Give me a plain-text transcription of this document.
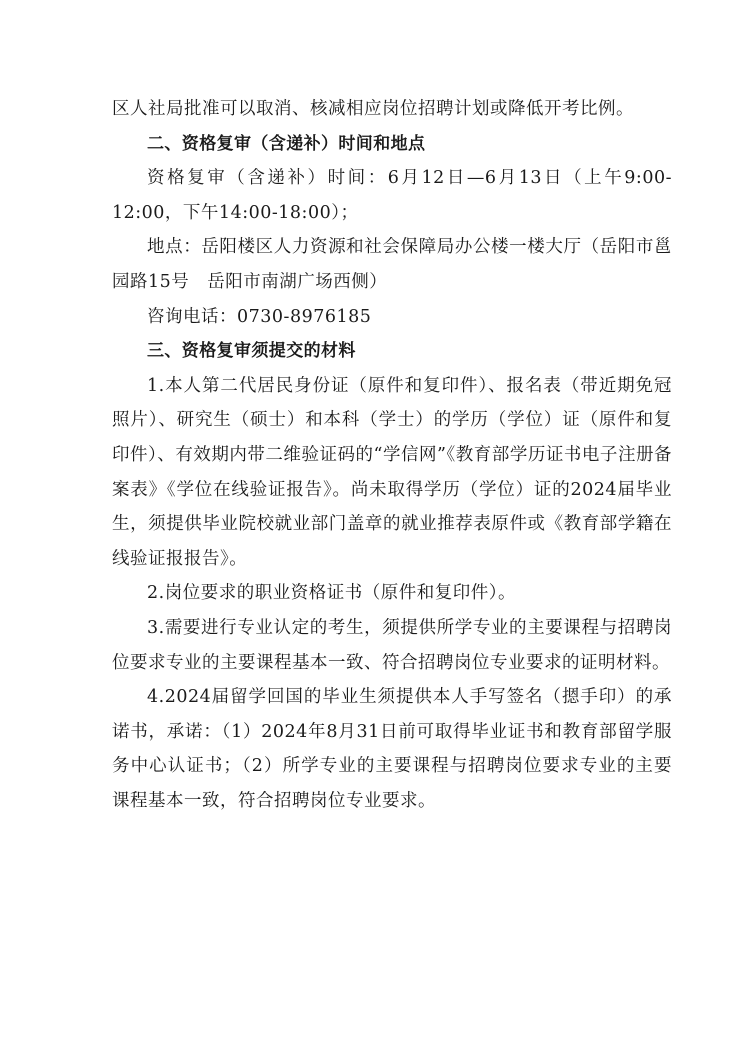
区人社局批准可以取消、核减相应岗位招聘计划或降低开考比例。

二、资格复审（含递补）时间和地点

资格复审（含递补）时间：6月12日—6月13日（上午9:00-12:00，下午14:00-18:00）；

地点：岳阳楼区人力资源和社会保障局办公楼一楼大厅（岳阳市邕园路15号　岳阳市南湖广场西侧）

咨询电话：0730-8976185

三、资格复审须提交的材料

1.本人第二代居民身份证（原件和复印件）、报名表（带近期免冠照片）、研究生（硕士）和本科（学士）的学历（学位）证（原件和复印件）、有效期内带二维验证码的“学信网”《教育部学历证书电子注册备案表》《学位在线验证报告》。尚未取得学历（学位）证的2024届毕业生，须提供毕业院校就业部门盖章的就业推荐表原件或《教育部学籍在线验证报报告》。

2.岗位要求的职业资格证书（原件和复印件）。

3.需要进行专业认定的考生，须提供所学专业的主要课程与招聘岗位要求专业的主要课程基本一致、符合招聘岗位专业要求的证明材料。

4.2024届留学回国的毕业生须提供本人手写签名（摁手印）的承诺书，承诺：（1）2024年8月31日前可取得毕业证书和教育部留学服务中心认证书；（2）所学专业的主要课程与招聘岗位要求专业的主要课程基本一致，符合招聘岗位专业要求。
